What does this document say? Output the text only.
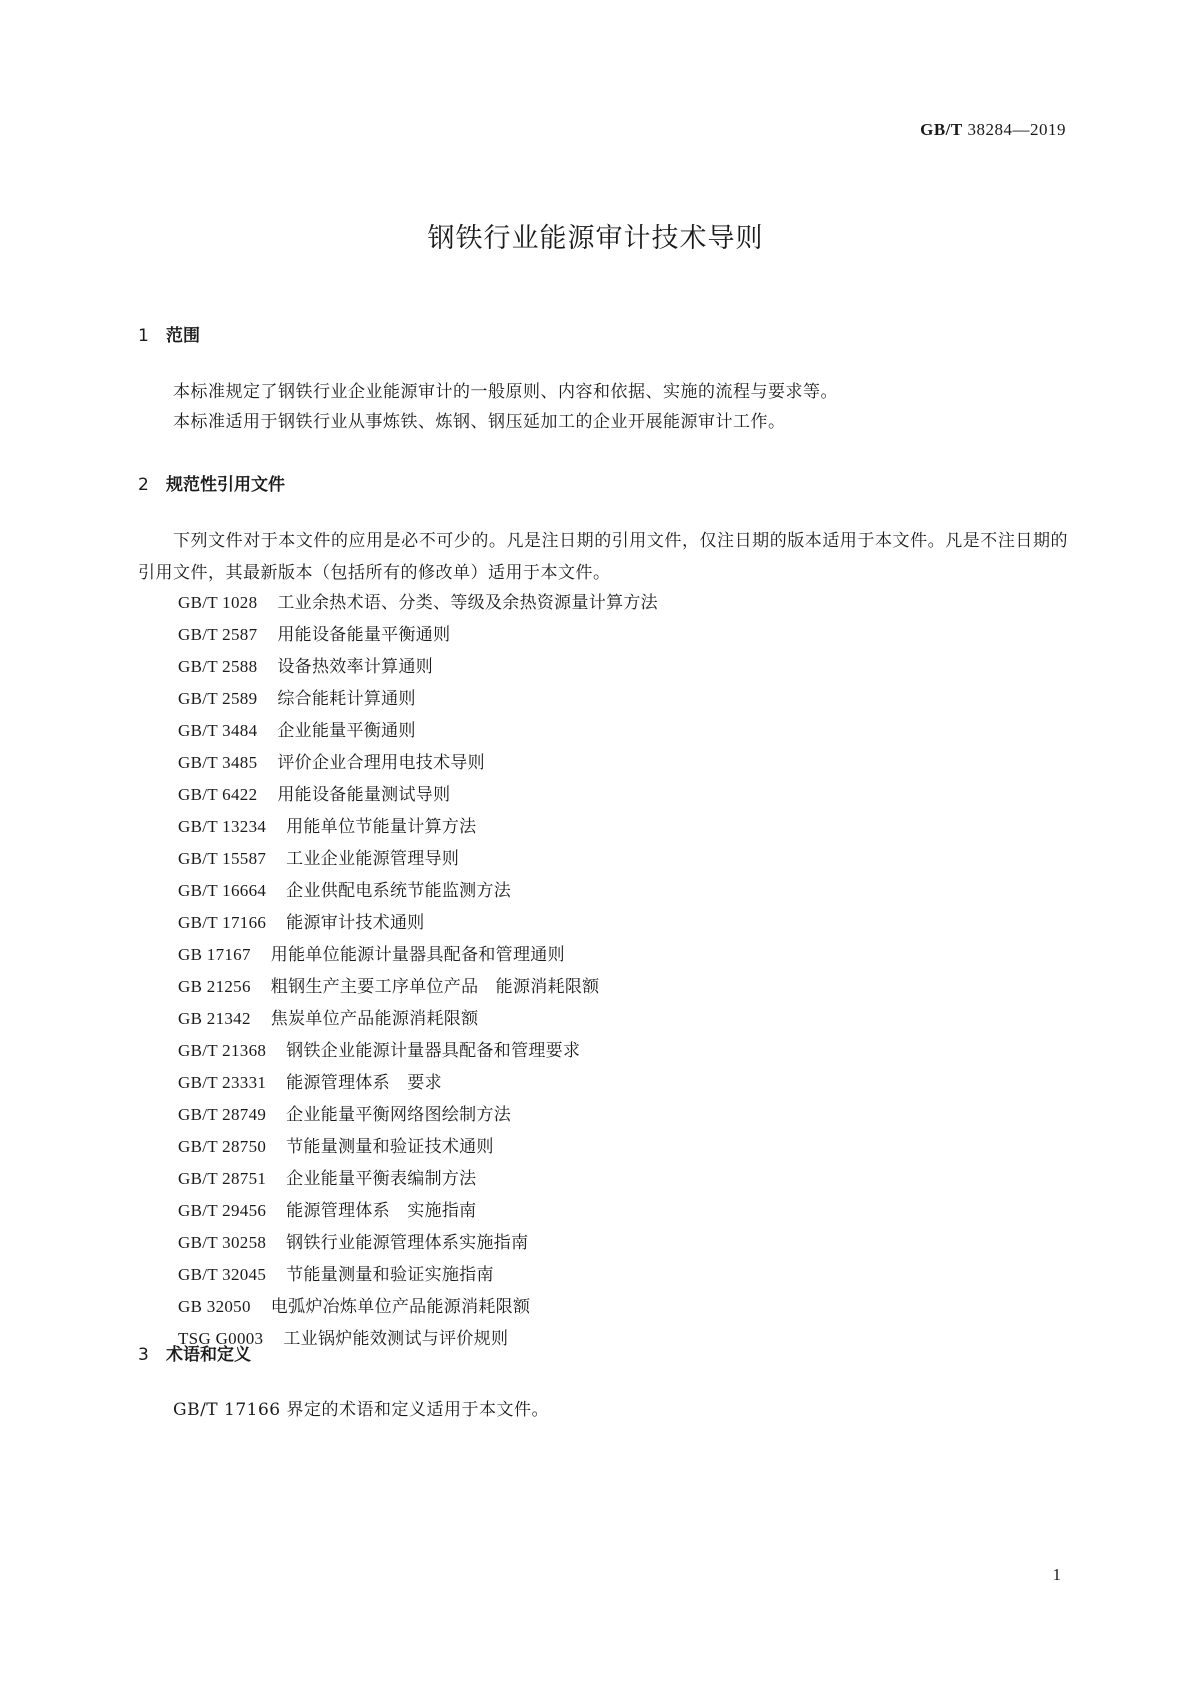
GB/T 38284—2019
钢铁行业能源审计技术导则
1 范围
本标准规定了钢铁行业企业能源审计的一般原则、内容和依据、实施的流程与要求等。
本标准适用于钢铁行业从事炼铁、炼钢、钢压延加工的企业开展能源审计工作。
2 规范性引用文件
下列文件对于本文件的应用是必不可少的。凡是注日期的引用文件，仅注日期的版本适用于本文件。凡是不注日期的引用文件，其最新版本（包括所有的修改单）适用于本文件。
GB/T 1028 工业余热术语、分类、等级及余热资源量计算方法
GB/T 2587 用能设备能量平衡通则
GB/T 2588 设备热效率计算通则
GB/T 2589 综合能耗计算通则
GB/T 3484 企业能量平衡通则
GB/T 3485 评价企业合理用电技术导则
GB/T 6422 用能设备能量测试导则
GB/T 13234 用能单位节能量计算方法
GB/T 15587 工业企业能源管理导则
GB/T 16664 企业供配电系统节能监测方法
GB/T 17166 能源审计技术通则
GB 17167 用能单位能源计量器具配备和管理通则
GB 21256 粗钢生产主要工序单位产品　能源消耗限额
GB 21342 焦炭单位产品能源消耗限额
GB/T 21368 钢铁企业能源计量器具配备和管理要求
GB/T 23331 能源管理体系　要求
GB/T 28749 企业能量平衡网络图绘制方法
GB/T 28750 节能量测量和验证技术通则
GB/T 28751 企业能量平衡表编制方法
GB/T 29456 能源管理体系　实施指南
GB/T 30258 钢铁行业能源管理体系实施指南
GB/T 32045 节能量测量和验证实施指南
GB 32050 电弧炉冶炼单位产品能源消耗限额
TSG G0003 工业锅炉能效测试与评价规则
3 术语和定义
GB/T 17166 界定的术语和定义适用于本文件。
1
